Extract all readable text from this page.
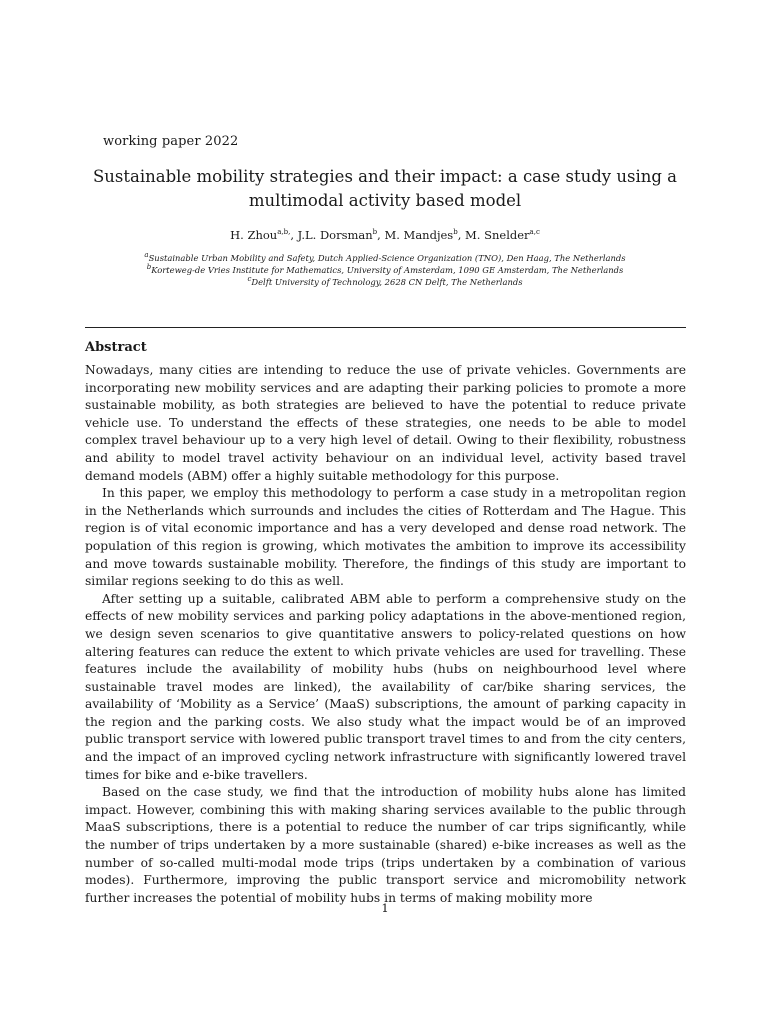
working paper 2022
Sustainable mobility strategies and their impact: a case study using a multimodal activity based model
H. Zhou$^{a,b,}$, J.L. Dorsman$^b$, M. Mandjes$^b$, M. Snelder$^{a,c}$
$^a$Sustainable Urban Mobility and Safety, Dutch Applied-Science Organization (TNO), Den Haag, The Netherlands
$^b$Korteweg-de Vries Institute for Mathematics, University of Amsterdam, 1090 GE Amsterdam, The Netherlands
$^c$Delft University of Technology, 2628 CN Delft, The Netherlands
Abstract

Nowadays, many cities are intending to reduce the use of private vehicles. Governments are incorporating new mobility services and are adapting their parking policies to promote a more sustainable mobility, as both strategies are believed to have the potential to reduce private vehicle use. To understand the effects of these strategies, one needs to be able to model complex travel behaviour up to a very high level of detail. Owing to their flexibility, robustness and ability to model travel activity behaviour on an individual level, activity based travel demand models (ABM) offer a highly suitable methodology for this purpose.

In this paper, we employ this methodology to perform a case study in a metropolitan region in the Netherlands which surrounds and includes the cities of Rotterdam and The Hague. This region is of vital economic importance and has a very developed and dense road network. The population of this region is growing, which motivates the ambition to improve its accessibility and move towards sustainable mobility. Therefore, the findings of this study are important to similar regions seeking to do this as well.

After setting up a suitable, calibrated ABM able to perform a comprehensive study on the effects of new mobility services and parking policy adaptations in the above-mentioned region, we design seven scenarios to give quantitative answers to policy-related questions on how altering features can reduce the extent to which private vehicles are used for travelling. These features include the availability of mobility hubs (hubs on neighbourhood level where sustainable travel modes are linked), the availability of car/bike sharing services, the availability of ‘Mobility as a Service’ (MaaS) subscriptions, the amount of parking capacity in the region and the parking costs. We also study what the impact would be of an improved public transport service with lowered public transport travel times to and from the city centers, and the impact of an improved cycling network infrastructure with significantly lowered travel times for bike and e-bike travellers.

Based on the case study, we find that the introduction of mobility hubs alone has limited impact. However, combining this with making sharing services available to the public through MaaS subscriptions, there is a potential to reduce the number of car trips significantly, while the number of trips undertaken by a more sustainable (shared) e-bike increases as well as the number of so-called multi-modal mode trips (trips undertaken by a combination of various modes). Furthermore, improving the public transport service and micromobility network further increases the potential of mobility hubs in terms of making mobility more

1
